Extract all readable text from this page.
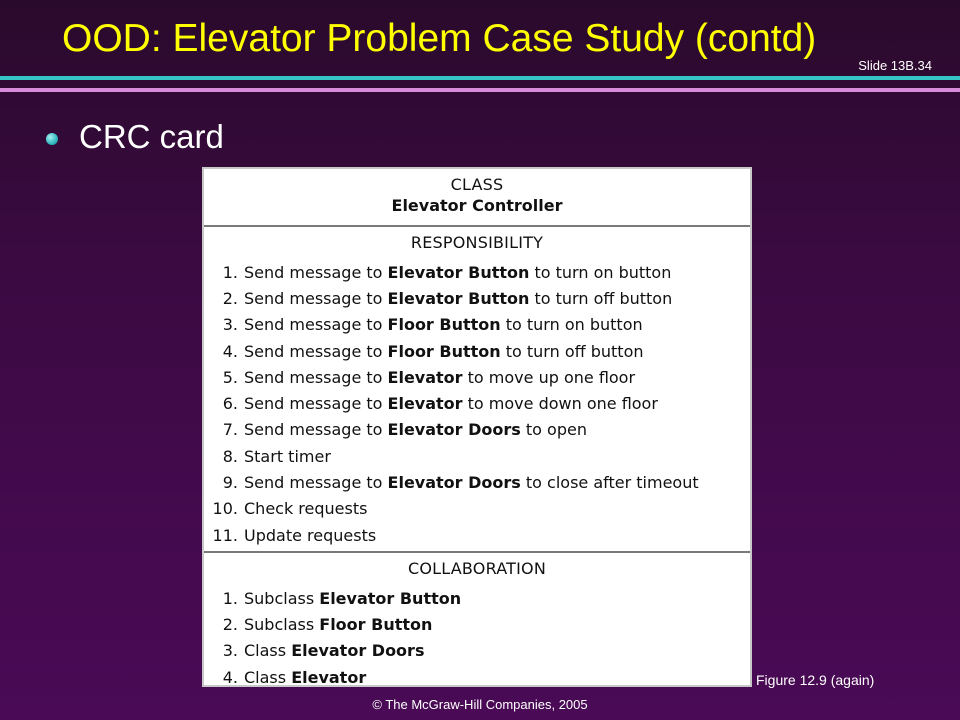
OOD: Elevator Problem Case Study (contd)
Slide 13B.34
CRC card
CLASS
Elevator Controller
RESPONSIBILITY
1. Send message to Elevator Button to turn on button
2. Send message to Elevator Button to turn off button
3. Send message to Floor Button to turn on button
4. Send message to Floor Button to turn off button
5. Send message to Elevator to move up one floor
6. Send message to Elevator to move down one floor
7. Send message to Elevator Doors to open
8. Start timer
9. Send message to Elevator Doors to close after timeout
10. Check requests
11. Update requests
COLLABORATION
1. Subclass Elevator Button
2. Subclass Floor Button
3. Class Elevator Doors
4. Class Elevator	Figure 12.9 (again)
© The McGraw-Hill Companies, 2005
